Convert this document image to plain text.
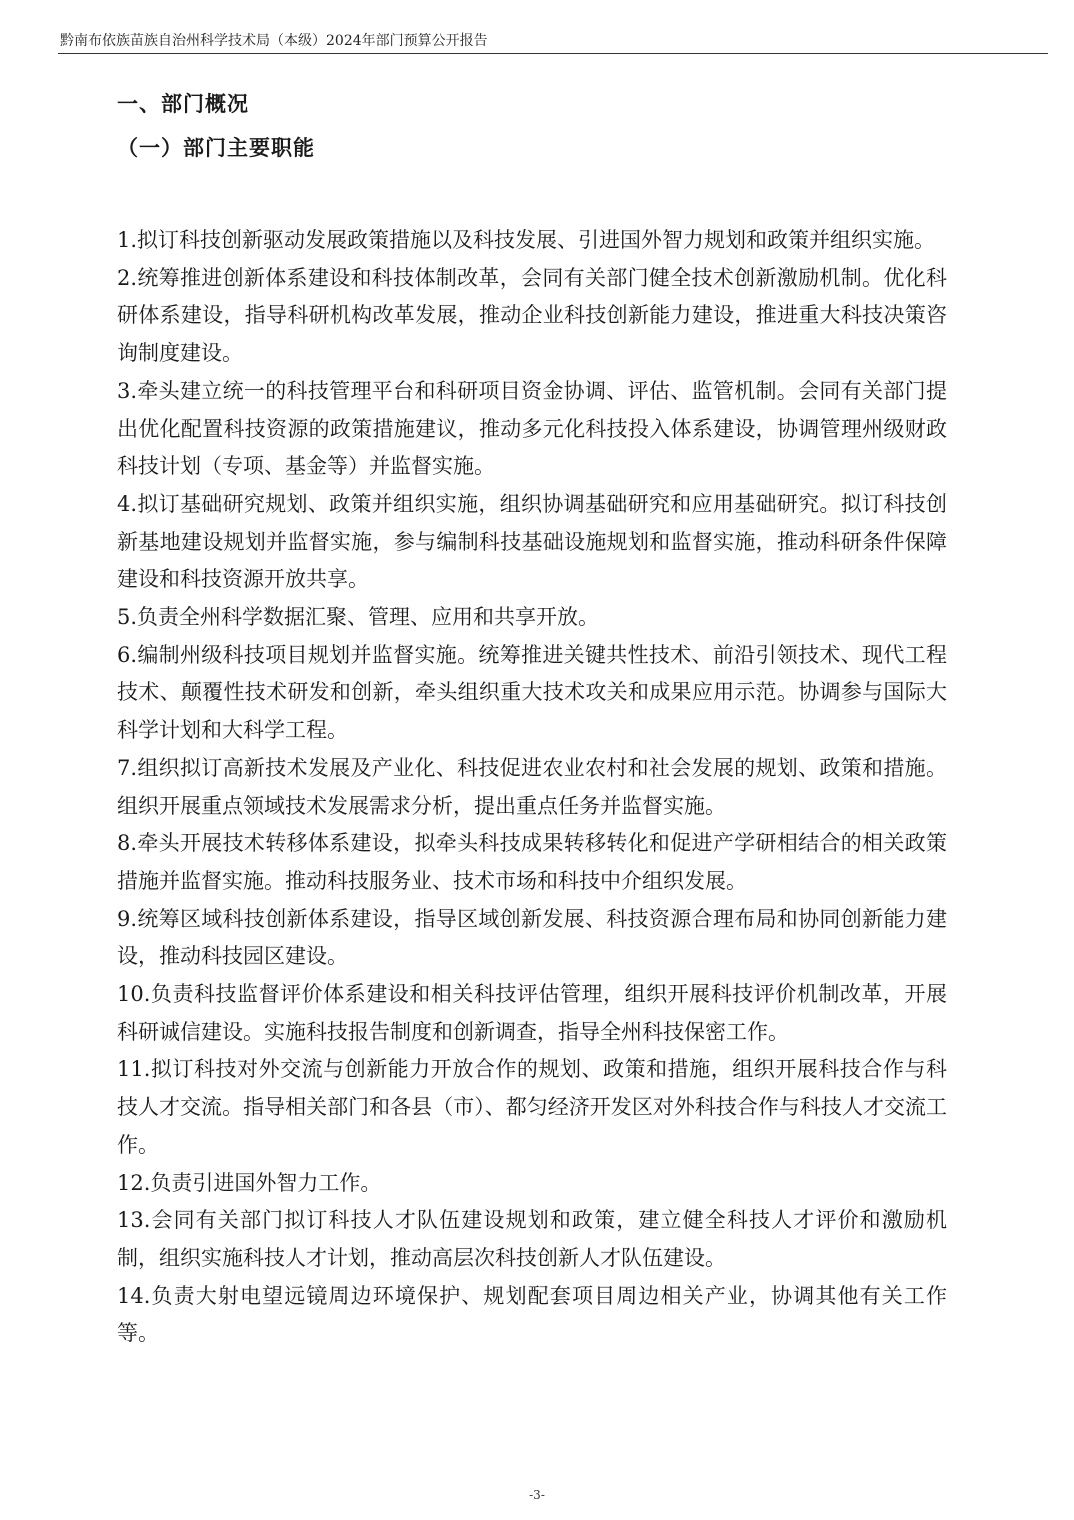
黔南布依族苗族自治州科学技术局（本级）2024年部门预算公开报告
一、部门概况
（一）部门主要职能

1.拟订科技创新驱动发展政策措施以及科技发展、引进国外智力规划和政策并组织实施。

2.统筹推进创新体系建设和科技体制改革，会同有关部门健全技术创新激励机制。优化科研体系建设，指导科研机构改革发展，推动企业科技创新能力建设，推进重大科技决策咨询制度建设。

3.牵头建立统一的科技管理平台和科研项目资金协调、评估、监管机制。会同有关部门提出优化配置科技资源的政策措施建议，推动多元化科技投入体系建设，协调管理州级财政科技计划（专项、基金等）并监督实施。

4.拟订基础研究规划、政策并组织实施，组织协调基础研究和应用基础研究。拟订科技创新基地建设规划并监督实施，参与编制科技基础设施规划和监督实施，推动科研条件保障建设和科技资源开放共享。

5.负责全州科学数据汇聚、管理、应用和共享开放。

6.编制州级科技项目规划并监督实施。统筹推进关键共性技术、前沿引领技术、现代工程技术、颠覆性技术研发和创新，牵头组织重大技术攻关和成果应用示范。协调参与国际大科学计划和大科学工程。

7.组织拟订高新技术发展及产业化、科技促进农业农村和社会发展的规划、政策和措施。组织开展重点领域技术发展需求分析，提出重点任务并监督实施。

8.牵头开展技术转移体系建设，拟牵头科技成果转移转化和促进产学研相结合的相关政策措施并监督实施。推动科技服务业、技术市场和科技中介组织发展。

9.统筹区域科技创新体系建设，指导区域创新发展、科技资源合理布局和协同创新能力建设，推动科技园区建设。

10.负责科技监督评价体系建设和相关科技评估管理，组织开展科技评价机制改革，开展科研诚信建设。实施科技报告制度和创新调查，指导全州科技保密工作。

11.拟订科技对外交流与创新能力开放合作的规划、政策和措施，组织开展科技合作与科技人才交流。指导相关部门和各县（市）、都匀经济开发区对外科技合作与科技人才交流工作。

12.负责引进国外智力工作。

13.会同有关部门拟订科技人才队伍建设规划和政策，建立健全科技人才评价和激励机制，组织实施科技人才计划，推动高层次科技创新人才队伍建设。

14.负责大射电望远镜周边环境保护、规划配套项目周边相关产业，协调其他有关工作等。

-3-
